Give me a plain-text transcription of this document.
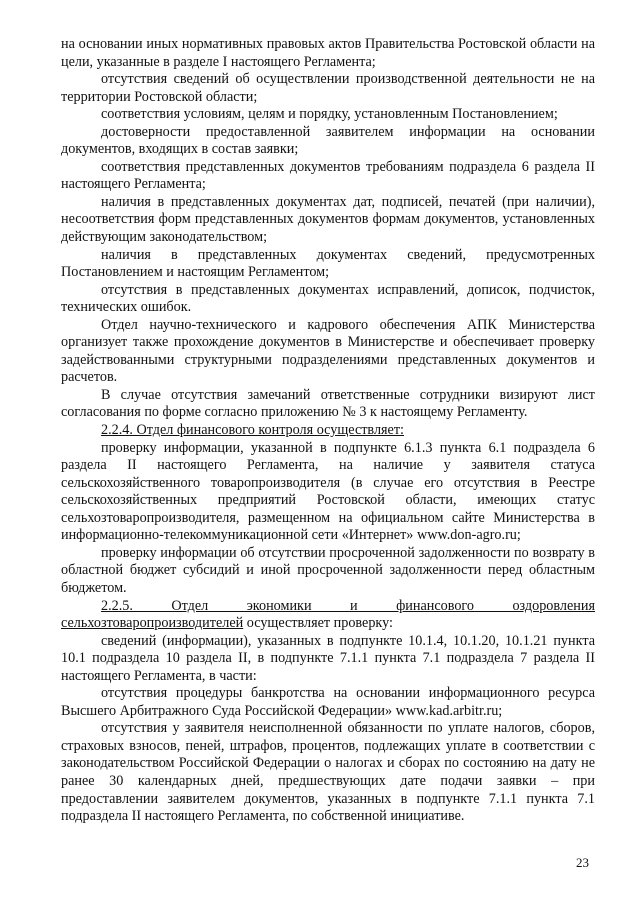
на основании иных нормативных правовых актов Правительства Ростовской области на цели, указанные в разделе I настоящего Регламента;

отсутствия сведений об осуществлении производственной деятельности не на территории Ростовской области;

соответствия условиям, целям и порядку, установленным Постановлением;

достоверности предоставленной заявителем информации на основании документов, входящих в состав заявки;

соответствия представленных документов требованиям подраздела 6 раздела II настоящего Регламента;

наличия в представленных документах дат, подписей, печатей (при наличии), несоответствия форм представленных документов формам документов, установленных действующим законодательством;

наличия в представленных документах сведений, предусмотренных Постановлением и настоящим Регламентом;

отсутствия в представленных документах исправлений, дописок, подчисток, технических ошибок.

Отдел научно-технического и кадрового обеспечения АПК Министерства организует также прохождение документов в Министерстве и обеспечивает проверку задействованными структурными подразделениями представленных документов и расчетов.

В случае отсутствия замечаний ответственные сотрудники визируют лист согласования по форме согласно приложению № 3 к настоящему Регламенту.

2.2.4. Отдел финансового контроля осуществляет:

проверку информации, указанной в подпункте 6.1.3 пункта 6.1 подраздела 6 раздела II настоящего Регламента, на наличие у заявителя статуса сельскохозяйственного товаропроизводителя (в случае его отсутствия в Реестре сельскохозяйственных предприятий Ростовской области, имеющих статус сельхозтоваропроизводителя, размещенном на официальном сайте Министерства в информационно-телекоммуникационной сети «Интернет» www.don-agro.ru;

проверку информации об отсутствии просроченной задолженности по возврату в областной бюджет субсидий и иной просроченной задолженности перед областным бюджетом.

2.2.5. Отдел экономики и финансового оздоровления сельхозтоваропроизводителей осуществляет проверку:

сведений (информации), указанных в подпункте 10.1.4, 10.1.20, 10.1.21 пункта 10.1 подраздела 10 раздела II, в подпункте 7.1.1 пункта 7.1 подраздела 7 раздела II настоящего Регламента, в части:

отсутствия процедуры банкротства на основании информационного ресурса Высшего Арбитражного Суда Российской Федерации» www.kad.arbitr.ru;

отсутствия у заявителя неисполненной обязанности по уплате налогов, сборов, страховых взносов, пеней, штрафов, процентов, подлежащих уплате в соответствии с законодательством Российской Федерации о налогах и сборах по состоянию на дату не ранее 30 календарных дней, предшествующих дате подачи заявки – при предоставлении заявителем документов, указанных в подпункте 7.1.1 пункта 7.1 подраздела II настоящего Регламента, по собственной инициативе.

23
